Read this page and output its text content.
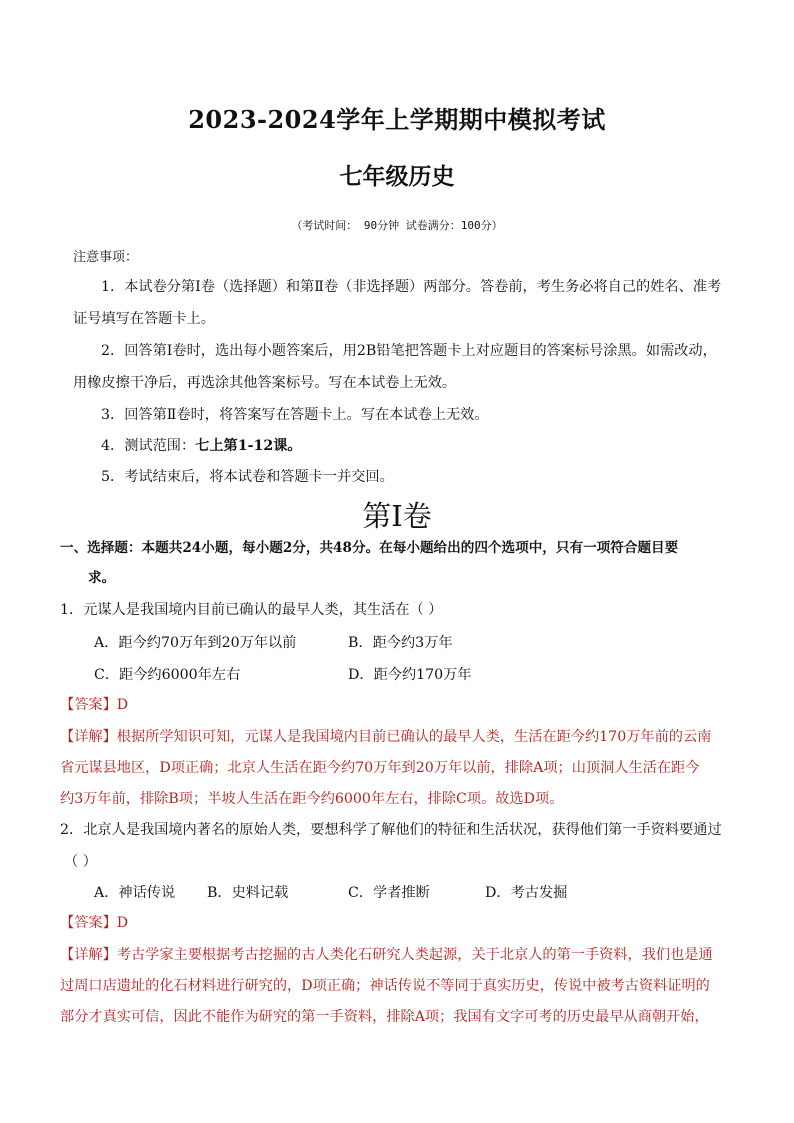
2023-2024学年上学期期中模拟考试
七年级历史
（考试时间： 90分钟 试卷满分：100分）
注意事项：
1．本试卷分第Ⅰ卷（选择题）和第Ⅱ卷（非选择题）两部分。答卷前，考生务必将自己的姓名、准考
证号填写在答题卡上。
2．回答第Ⅰ卷时，选出每小题答案后，用2B铅笔把答题卡上对应题目的答案标号涂黑。如需改动，
用橡皮擦干净后，再选涂其他答案标号。写在本试卷上无效。
3．回答第Ⅱ卷时，将答案写在答题卡上。写在本试卷上无效。
4．测试范围：七上第1-12课。
5．考试结束后，将本试卷和答题卡一并交回。
第Ⅰ卷
一、选择题：本题共24小题，每小题2分，共48分。在每小题给出的四个选项中，只有一项符合题目要
求。
1．元谋人是我国境内目前已确认的最早人类，其生活在（ ）
A．距今约70万年到20万年以前	B．距今约3万年
C．距今约6000年左右	D．距今约170万年
【答案】D
【详解】根据所学知识可知，元谋人是我国境内目前已确认的最早人类，生活在距今约170万年前的云南
省元谋县地区，D项正确；北京人生活在距今约70万年到20万年以前，排除A项；山顶洞人生活在距今
约3万年前，排除B项；半坡人生活在距今约6000年左右，排除C项。故选D项。
2．北京人是我国境内著名的原始人类，要想科学了解他们的特征和生活状况，获得他们第一手资料要通过
（ ）
A．神话传说 B．史料记载	C．学者推断	D．考古发掘
【答案】D
【详解】考古学家主要根据考古挖掘的古人类化石研究人类起源，关于北京人的第一手资料，我们也是通
过周口店遗址的化石材料进行研究的，D项正确；神话传说不等同于真实历史，传说中被考古资料证明的
部分才真实可信，因此不能作为研究的第一手资料，排除A项；我国有文字可考的历史最早从商朝开始，
